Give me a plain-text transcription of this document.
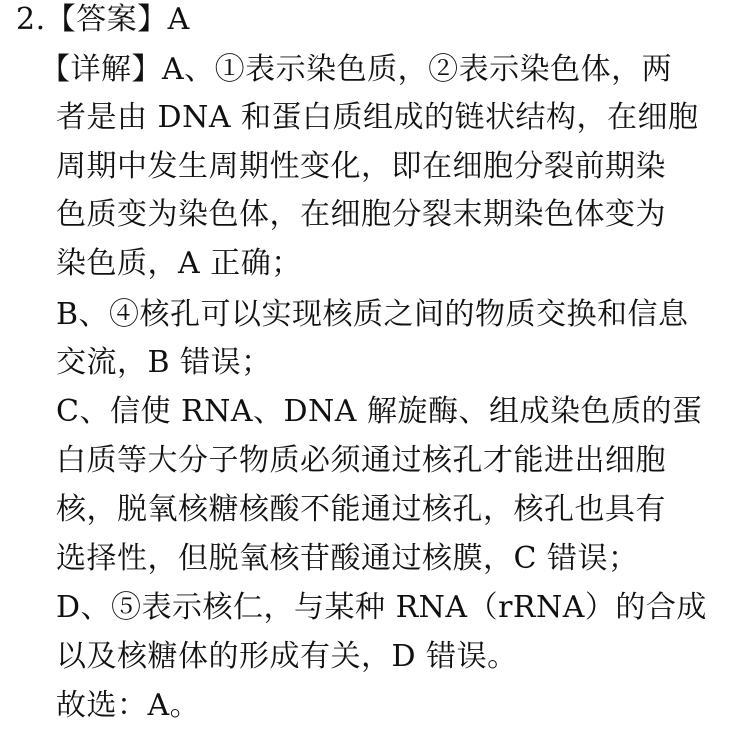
2.【答案】A
【详解】A、①表示染色质，②表示染色体，两
者是由 DNA 和蛋白质组成的链状结构，在细胞
周期中发生周期性变化，即在细胞分裂前期染
色质变为染色体，在细胞分裂末期染色体变为
染色质，A 正确；
B、④核孔可以实现核质之间的物质交换和信息
交流，B 错误；
C、信使 RNA、DNA 解旋酶、组成染色质的蛋
白质等大分子物质必须通过核孔才能进出细胞
核，脱氧核糖核酸不能通过核孔，核孔也具有
选择性，但脱氧核苷酸通过核膜，C 错误；
D、⑤表示核仁，与某种 RNA（rRNA）的合成
以及核糖体的形成有关，D 错误。
故选：A。
